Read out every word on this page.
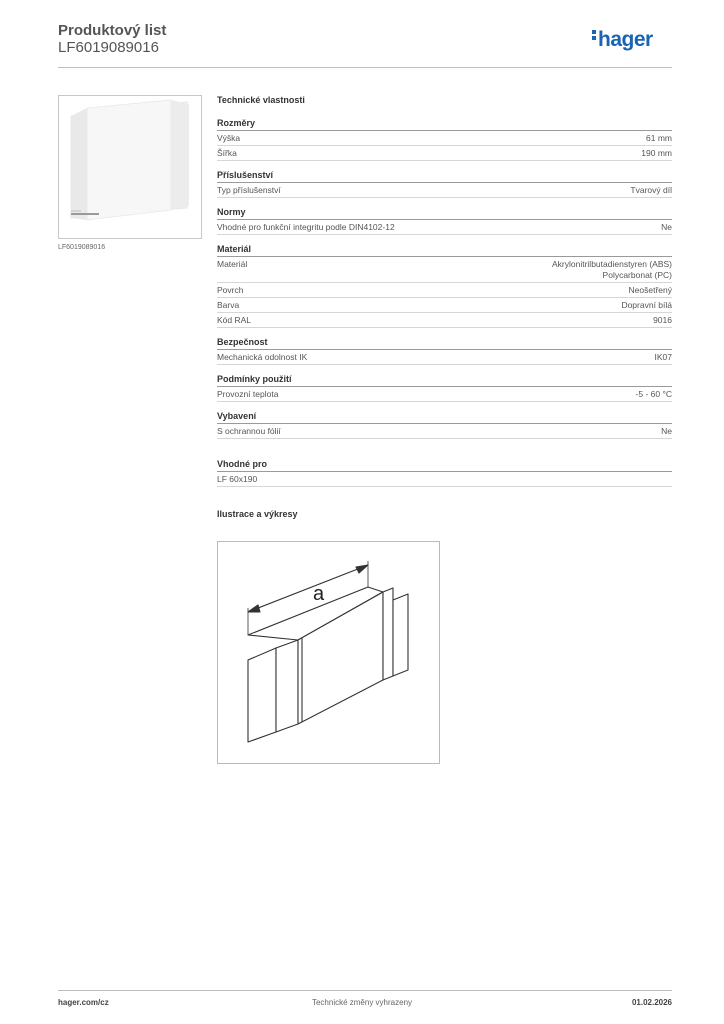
Produktový list
LF6019089016	hager
LF6019089016
Technické vlastnosti
Rozměry
Výška	61 mm
Šířka	190 mm
Příslušenství
Typ příslušenství	Tvarový díl
Normy
Vhodné pro funkční integritu podle DIN4102-12	Ne
Materiál
Materiál	Akrylonitrilbutadienstyren (ABS)
Polycarbonat (PC)
Povrch	Neošetřený
Barva	Dopravní bílá
Kód RAL	9016
Bezpečnost
Mechanická odolnost IK	IK07
Podmínky použití
Provozní teplota	-5 - 60 °C
Vybavení
S ochrannou fólií	Ne
Vhodné pro
LF 60x190
Ilustrace a výkresy
a
hager.com/cz	Technické změny vyhrazeny	01.02.2026
